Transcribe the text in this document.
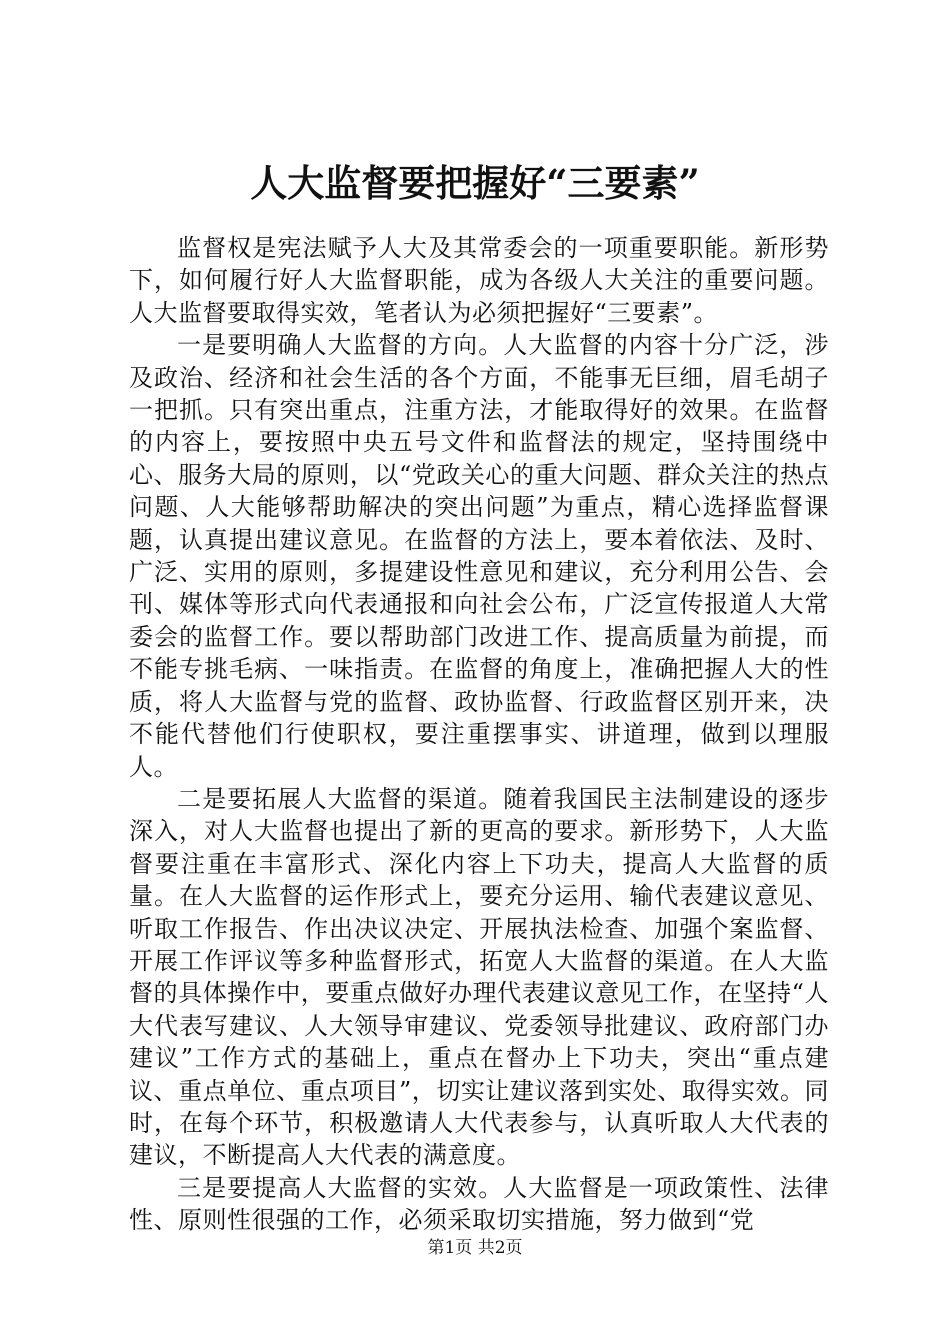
人大监督要把握好“三要素”

监督权是宪法赋予人大及其常委会的一项重要职能。新形势下，如何履行好人大监督职能，成为各级人大关注的重要问题。人大监督要取得实效，笔者认为必须把握好“三要素”。

一是要明确人大监督的方向。人大监督的内容十分广泛，涉及政治、经济和社会生活的各个方面，不能事无巨细，眉毛胡子一把抓。只有突出重点，注重方法，才能取得好的效果。在监督的内容上，要按照中央五号文件和监督法的规定，坚持围绕中心、服务大局的原则，以“党政关心的重大问题、群众关注的热点问题、人大能够帮助解决的突出问题”为重点，精心选择监督课题，认真提出建议意见。在监督的方法上，要本着依法、及时、广泛、实用的原则，多提建设性意见和建议，充分利用公告、会刊、媒体等形式向代表通报和向社会公布，广泛宣传报道人大常委会的监督工作。要以帮助部门改进工作、提高质量为前提，而不能专挑毛病、一味指责。在监督的角度上，准确把握人大的性质，将人大监督与党的监督、政协监督、行政监督区别开来，决不能代替他们行使职权，要注重摆事实、讲道理，做到以理服人。

二是要拓展人大监督的渠道。随着我国民主法制建设的逐步深入，对人大监督也提出了新的更高的要求。新形势下，人大监督要注重在丰富形式、深化内容上下功夫，提高人大监督的质量。在人大监督的运作形式上，要充分运用、输代表建议意见、听取工作报告、作出决议决定、开展执法检查、加强个案监督、开展工作评议等多种监督形式，拓宽人大监督的渠道。在人大监督的具体操作中，要重点做好办理代表建议意见工作，在坚持“人大代表写建议、人大领导审建议、党委领导批建议、政府部门办建议”工作方式的基础上，重点在督办上下功夫，突出“重点建议、重点单位、重点项目”，切实让建议落到实处、取得实效。同时，在每个环节，积极邀请人大代表参与，认真听取人大代表的建议，不断提高人大代表的满意度。

三是要提高人大监督的实效。人大监督是一项政策性、法律性、原则性很强的工作，必须采取切实措施，努力做到“党

第1页 共2页
